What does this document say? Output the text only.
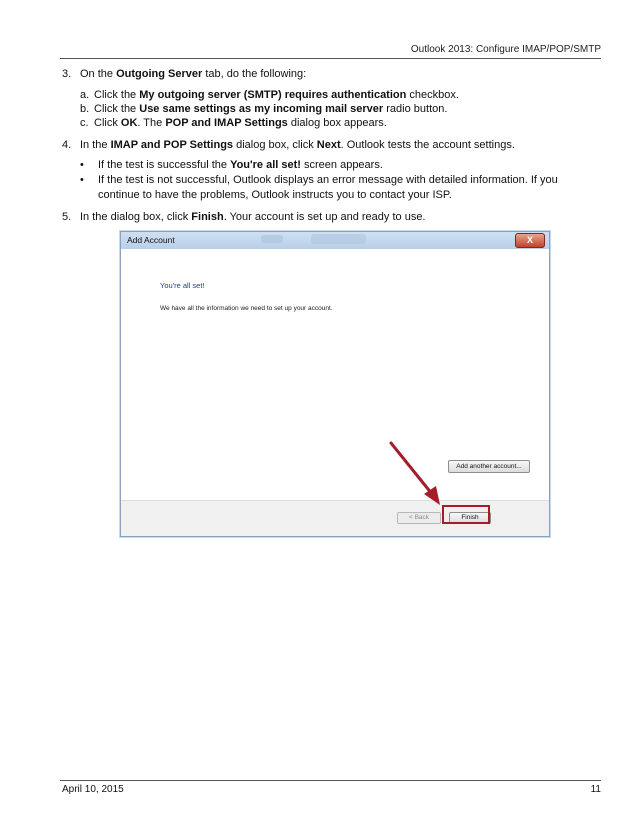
Outlook 2013: Configure IMAP/POP/SMTP
3. On the Outgoing Server tab, do the following:
a. Click the My outgoing server (SMTP) requires authentication checkbox.
b. Click the Use same settings as my incoming mail server radio button.
c. Click OK. The POP and IMAP Settings dialog box appears.
4. In the IMAP and POP Settings dialog box, click Next. Outlook tests the account settings.
• If the test is successful the You're all set! screen appears.
• If the test is not successful, Outlook displays an error message with detailed information. If you continue to have the problems, Outlook instructs you to contact your ISP.
5. In the dialog box, click Finish. Your account is set up and ready to use.
Add Account	X
You're all set!
We have all the information we need to set up your account.
Add another account...
< Back	Finish
April 10, 2015	11
